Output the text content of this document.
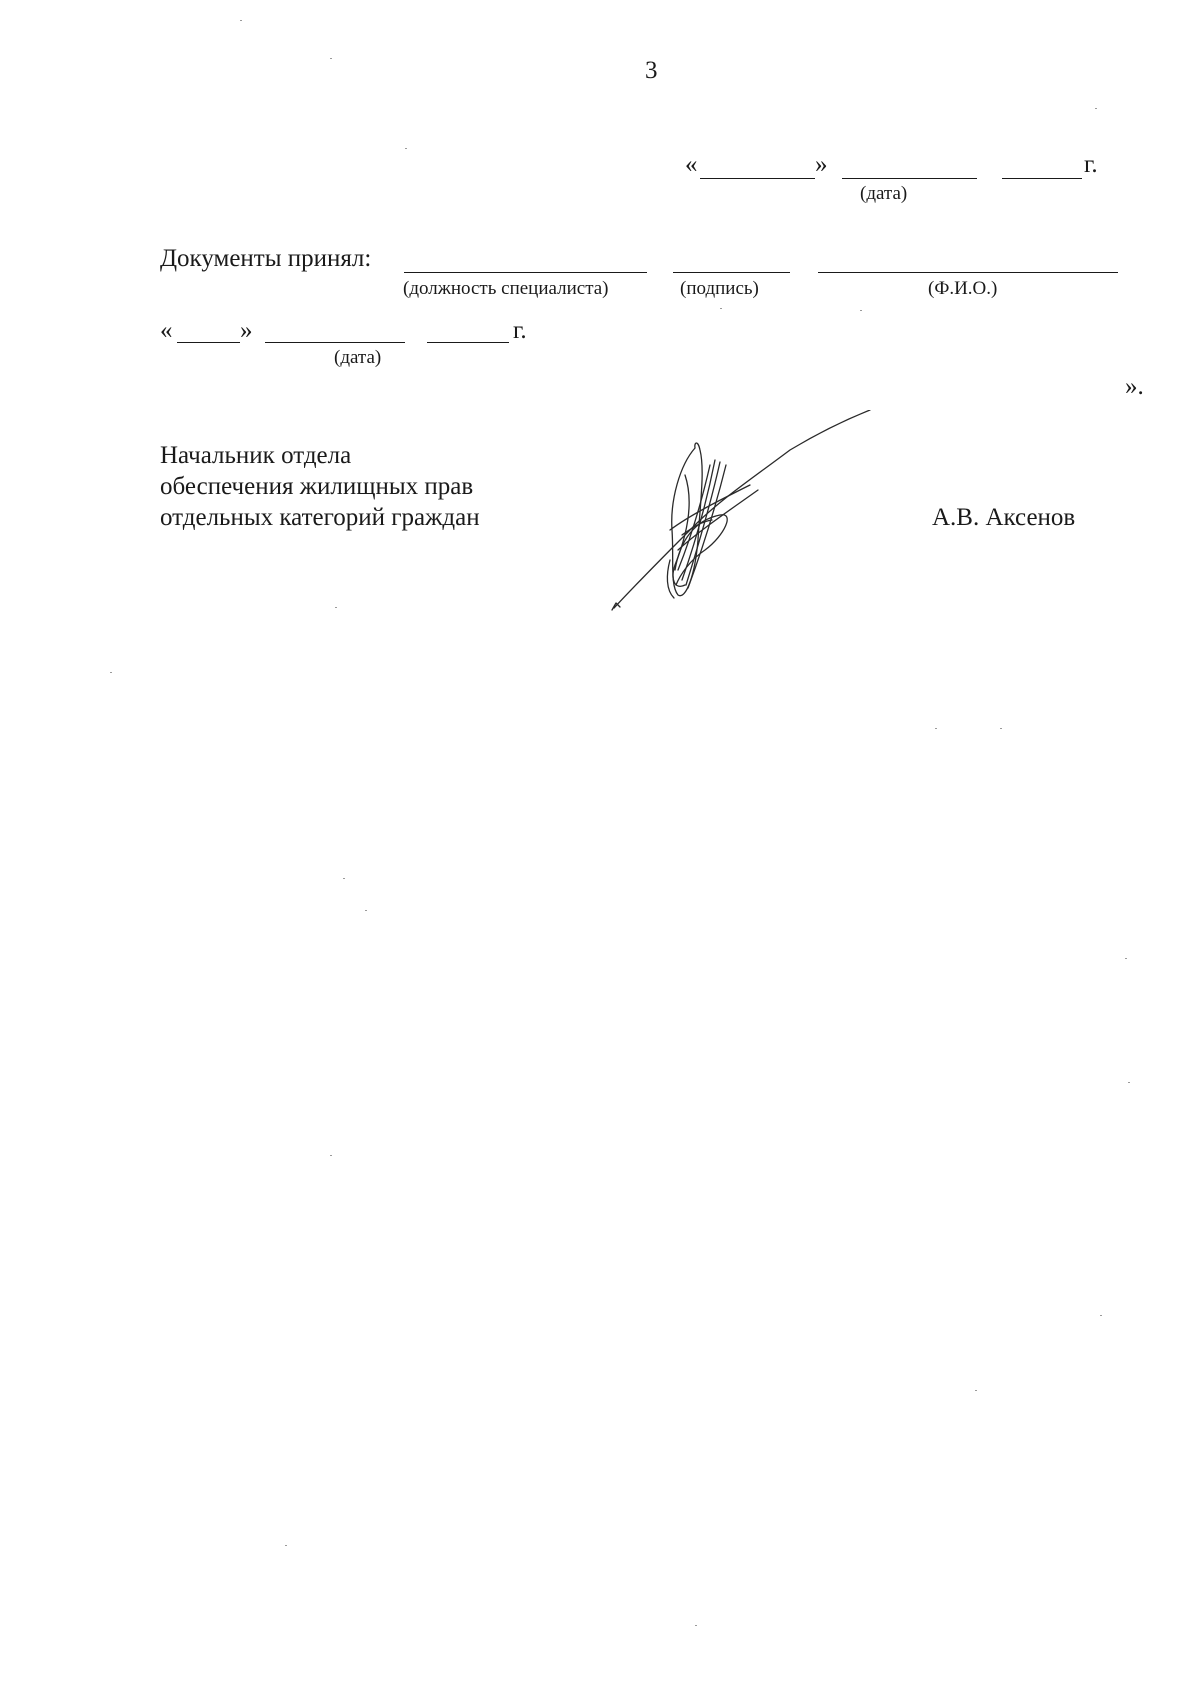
3
«	»	г.
(дата)
Документы принял:
(должность специалиста)	(подпись)	(Ф.И.О.)
«	»	г.
(дата)
».
Начальник отдела
обеспечения жилищных прав
отдельных категорий граждан	А.В. Аксенов
